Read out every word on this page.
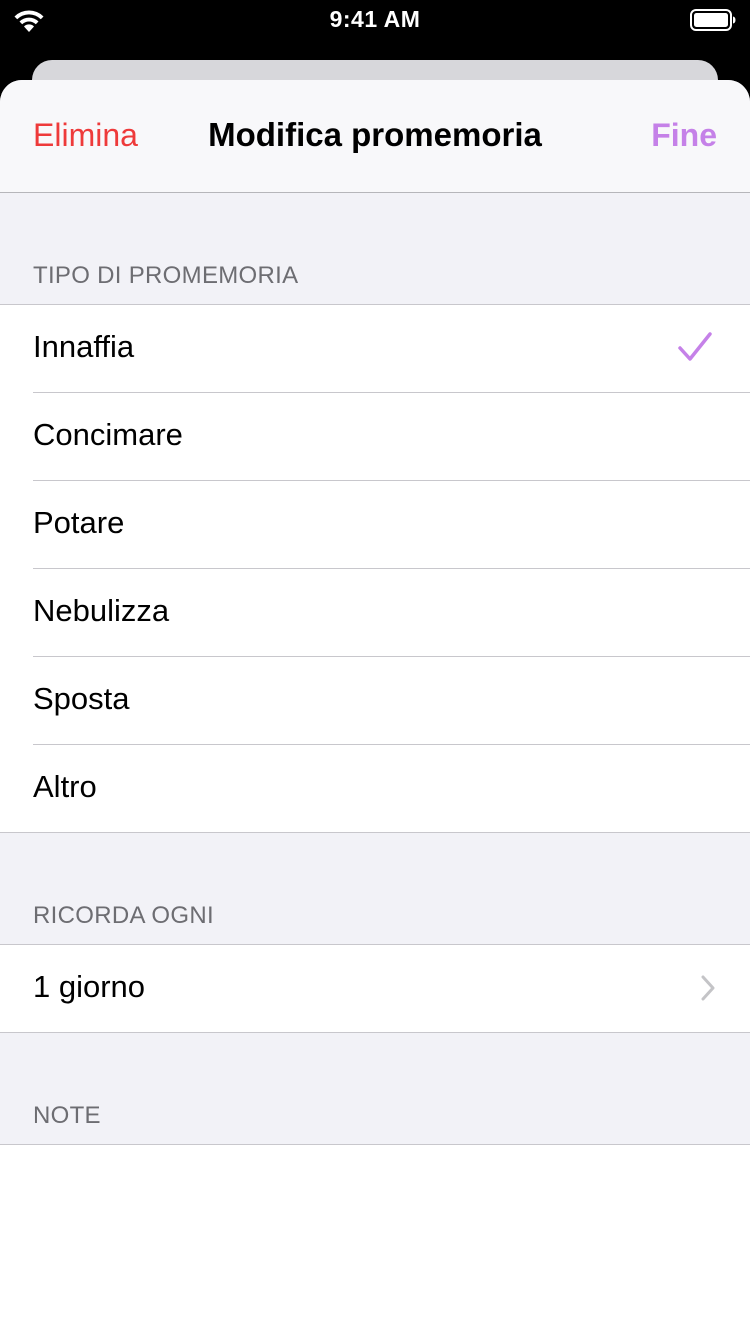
9:41 AM
Elimina	Modifica promemoria	Fine
TIPO DI PROMEMORIA
Innaffia
Concimare
Potare
Nebulizza
Sposta
Altro
RICORDA OGNI
1 giorno
NOTE
